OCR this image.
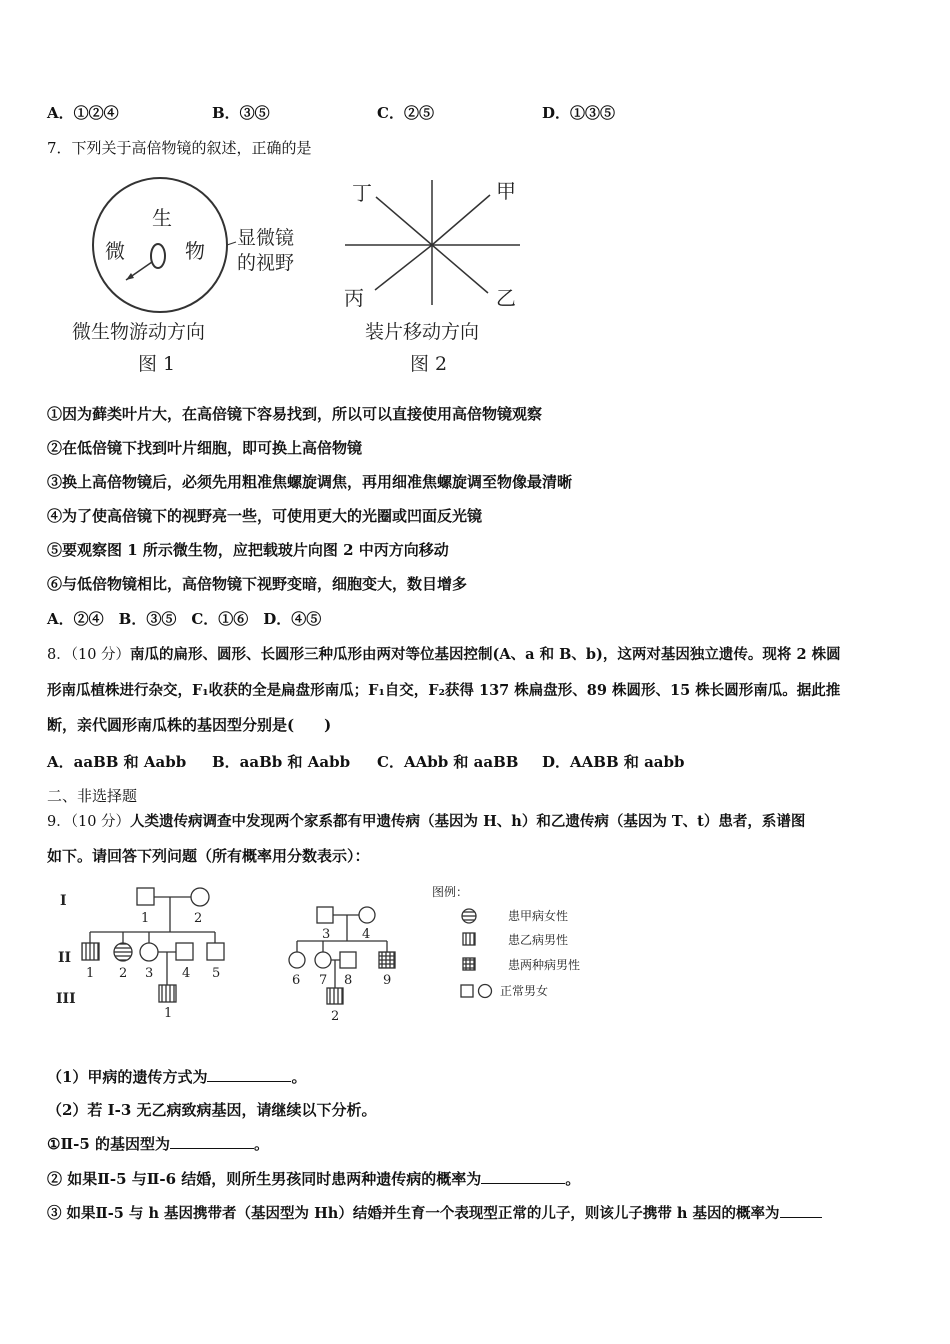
A．①②④	B．③⑤	C．②⑤	D．①③⑤
7．下列关于高倍物镜的叙述，正确的是
生
微	物
显微镜
的视野
微生物游动方向
图 1
丁	甲
丙	乙
装片移动方向
图 2
①因为藓类叶片大，在高倍镜下容易找到，所以可以直接使用高倍物镜观察
②在低倍镜下找到叶片细胞，即可换上高倍物镜
③换上高倍物镜后，必须先用粗准焦螺旋调焦，再用细准焦螺旋调至物像最清晰
④为了使高倍镜下的视野亮一些，可使用更大的光圈或凹面反光镜
⑤要观察图 1 所示微生物，应把载玻片向图 2 中丙方向移动
⑥与低倍物镜相比，高倍物镜下视野变暗，细胞变大，数目增多
A．②④　B．③⑤　C．①⑥　D．④⑤
8．（10 分）南瓜的扁形、圆形、长圆形三种瓜形由两对等位基因控制(A、a 和 B、b)，这两对基因独立遗传。现将 2 株圆
形南瓜植株进行杂交，F₁收获的全是扁盘形南瓜；F₁自交，F₂获得 137 株扁盘形、89 株圆形、15 株长圆形南瓜。据此推
断，亲代圆形南瓜株的基因型分别是(　　)
A．aaBB 和 Aabb B．aaBb 和 Aabb C．AAbb 和 aaBB D．AABB 和 aabb
二、非选择题
9．（10 分）人类遗传病调查中发现两个家系都有甲遗传病（基因为 H、h）和乙遗传病（基因为 T、t）患者，系谱图
如下。请回答下列问题（所有概率用分数表示）：
I
II
III
1	2
1 2 3 4 5
1
3 4
6 7 8 9
2
图例：
患甲病女性
患乙病男性
患两种病男性
正常男女
（1）甲病的遗传方式为	。
（2）若 I-3 无乙病致病基因，请继续以下分析。
①Ⅱ-5 的基因型为	。
② 如果Ⅱ-5 与Ⅱ-6 结婚，则所生男孩同时患两种遗传病的概率为	。
③ 如果Ⅱ-5 与 h 基因携带者（基因型为 Hh）结婚并生育一个表现型正常的儿子，则该儿子携带 h 基因的概率为
